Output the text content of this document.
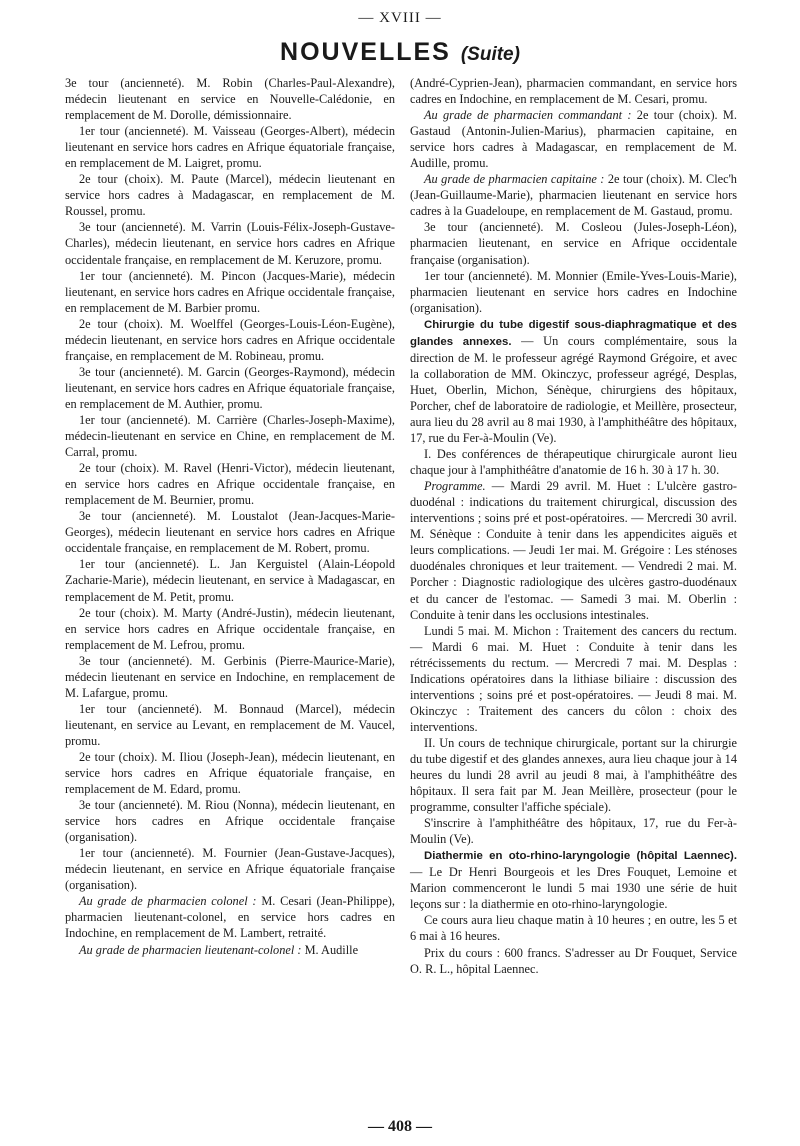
— XVIII —
NOUVELLES (Suite)

3e tour (ancienneté). M. Robin (Charles-Paul-Alexandre), médecin lieutenant en service en Nouvelle-Calédonie, en remplacement de M. Dorolle, démissionnaire.

1er tour (ancienneté). M. Vaisseau (Georges-Albert), médecin lieutenant en service hors cadres en Afrique équatoriale française, en remplacement de M. Laigret, promu.

2e tour (choix). M. Paute (Marcel), médecin lieutenant en service hors cadres à Madagascar, en remplacement de M. Roussel, promu.

3e tour (ancienneté). M. Varrin (Louis-Félix-Joseph-Gustave-Charles), médecin lieutenant, en service hors cadres en Afrique occidentale française, en remplacement de M. Keruzore, promu.

1er tour (ancienneté). M. Pincon (Jacques-Marie), médecin lieutenant, en service hors cadres en Afrique occidentale française, en remplacement de M. Barbier promu.

2e tour (choix). M. Woelffel (Georges-Louis-Léon-Eugène), médecin lieutenant, en service hors cadres en Afrique occidentale française, en remplacement de M. Robineau, promu.

3e tour (ancienneté). M. Garcin (Georges-Raymond), médecin lieutenant, en service hors cadres en Afrique équatoriale française, en remplacement de M. Authier, promu.

1er tour (ancienneté). M. Carrière (Charles-Joseph-Maxime), médecin-lieutenant en service en Chine, en remplacement de M. Carral, promu.

2e tour (choix). M. Ravel (Henri-Victor), médecin lieutenant, en service hors cadres en Afrique occidentale française, en remplacement de M. Beurnier, promu.

3e tour (ancienneté). M. Loustalot (Jean-Jacques-Marie-Georges), médecin lieutenant en service hors cadres en Afrique occidentale française, en remplacement de M. Robert, promu.

1er tour (ancienneté). L. Jan Kerguistel (Alain-Léopold Zacharie-Marie), médecin lieutenant, en service à Madagascar, en remplacement de M. Petit, promu.

2e tour (choix). M. Marty (André-Justin), médecin lieutenant, en service hors cadres en Afrique occidentale française, en remplacement de M. Lefrou, promu.

3e tour (ancienneté). M. Gerbinis (Pierre-Maurice-Marie), médecin lieutenant en service en Indochine, en remplacement de M. Lafargue, promu.

1er tour (ancienneté). M. Bonnaud (Marcel), médecin lieutenant, en service au Levant, en remplacement de M. Vaucel, promu.

2e tour (choix). M. Iliou (Joseph-Jean), médecin lieutenant, en service hors cadres en Afrique équatoriale française, en remplacement de M. Edard, promu.

3e tour (ancienneté). M. Riou (Nonna), médecin lieutenant, en service hors cadres en Afrique occidentale française (organisation).

1er tour (ancienneté). M. Fournier (Jean-Gustave-Jacques), médecin lieutenant, en service en Afrique équatoriale française (organisation).

Au grade de pharmacien colonel : M. Cesari (Jean-Philippe), pharmacien lieutenant-colonel, en service hors cadres en Indochine, en remplacement de M. Lambert, retraité.

Au grade de pharmacien lieutenant-colonel : M. Audille

(André-Cyprien-Jean), pharmacien commandant, en service hors cadres en Indochine, en remplacement de M. Cesari, promu.

Au grade de pharmacien commandant : 2e tour (choix). M. Gastaud (Antonin-Julien-Marius), pharmacien capitaine, en service hors cadres à Madagascar, en remplacement de M. Audille, promu.

Au grade de pharmacien capitaine : 2e tour (choix). M. Clec'h (Jean-Guillaume-Marie), pharmacien lieutenant en service hors cadres à la Guadeloupe, en remplacement de M. Gastaud, promu.

3e tour (ancienneté). M. Cosleou (Jules-Joseph-Léon), pharmacien lieutenant, en service en Afrique occidentale française (organisation).

1er tour (ancienneté). M. Monnier (Emile-Yves-Louis-Marie), pharmacien lieutenant en service hors cadres en Indochine (organisation).

Chirurgie du tube digestif sous-diaphragmatique et des glandes annexes. — Un cours complémentaire, sous la direction de M. le professeur agrégé Raymond Grégoire, et avec la collaboration de MM. Okinczyc, professeur agrégé, Desplas, Huet, Oberlin, Michon, Sénèque, chirurgiens des hôpitaux, Porcher, chef de laboratoire de radiologie, et Meillère, prosecteur, aura lieu du 28 avril au 8 mai 1930, à l'amphithéâtre des hôpitaux, 17, rue du Fer-à-Moulin (Ve).

I. Des conférences de thérapeutique chirurgicale auront lieu chaque jour à l'amphithéâtre d'anatomie de 16 h. 30 à 17 h. 30.

Programme. — Mardi 29 avril. M. Huet : L'ulcère gastro-duodénal : indications du traitement chirurgical, discussion des interventions ; soins pré et post-opératoires. — Mercredi 30 avril. M. Sénèque : Conduite à tenir dans les appendicites aiguës et leurs complications. — Jeudi 1er mai. M. Grégoire : Les sténoses duodénales chroniques et leur traitement. — Vendredi 2 mai. M. Porcher : Diagnostic radiologique des ulcères gastro-duodénaux et du cancer de l'estomac. — Samedi 3 mai. M. Oberlin : Conduite à tenir dans les occlusions intestinales.

Lundi 5 mai. M. Michon : Traitement des cancers du rectum. — Mardi 6 mai. M. Huet : Conduite à tenir dans les rétrécissements du rectum. — Mercredi 7 mai. M. Desplas : Indications opératoires dans la lithiase biliaire : discussion des interventions ; soins pré et post-opératoires. — Jeudi 8 mai. M. Okinczyc : Traitement des cancers du côlon : choix des interventions.

II. Un cours de technique chirurgicale, portant sur la chirurgie du tube digestif et des glandes annexes, aura lieu chaque jour à 14 heures du lundi 28 avril au jeudi 8 mai, à l'amphithéâtre des hôpitaux. Il sera fait par M. Jean Meillère, prosecteur (pour le programme, consulter l'affiche spéciale).

S'inscrire à l'amphithéâtre des hôpitaux, 17, rue du Fer-à-Moulin (Ve).

Diathermie en oto-rhino-laryngologie (hôpital Laennec). — Le Dr Henri Bourgeois et les Dres Fouquet, Lemoine et Marion commenceront le lundi 5 mai 1930 une série de huit leçons sur : la diathermie en oto-rhino-laryngologie.

Ce cours aura lieu chaque matin à 10 heures ; en outre, les 5 et 6 mai à 16 heures.

Prix du cours : 600 francs. S'adresser au Dr Fouquet, Service O. R. L., hôpital Laennec.

— 408 —
